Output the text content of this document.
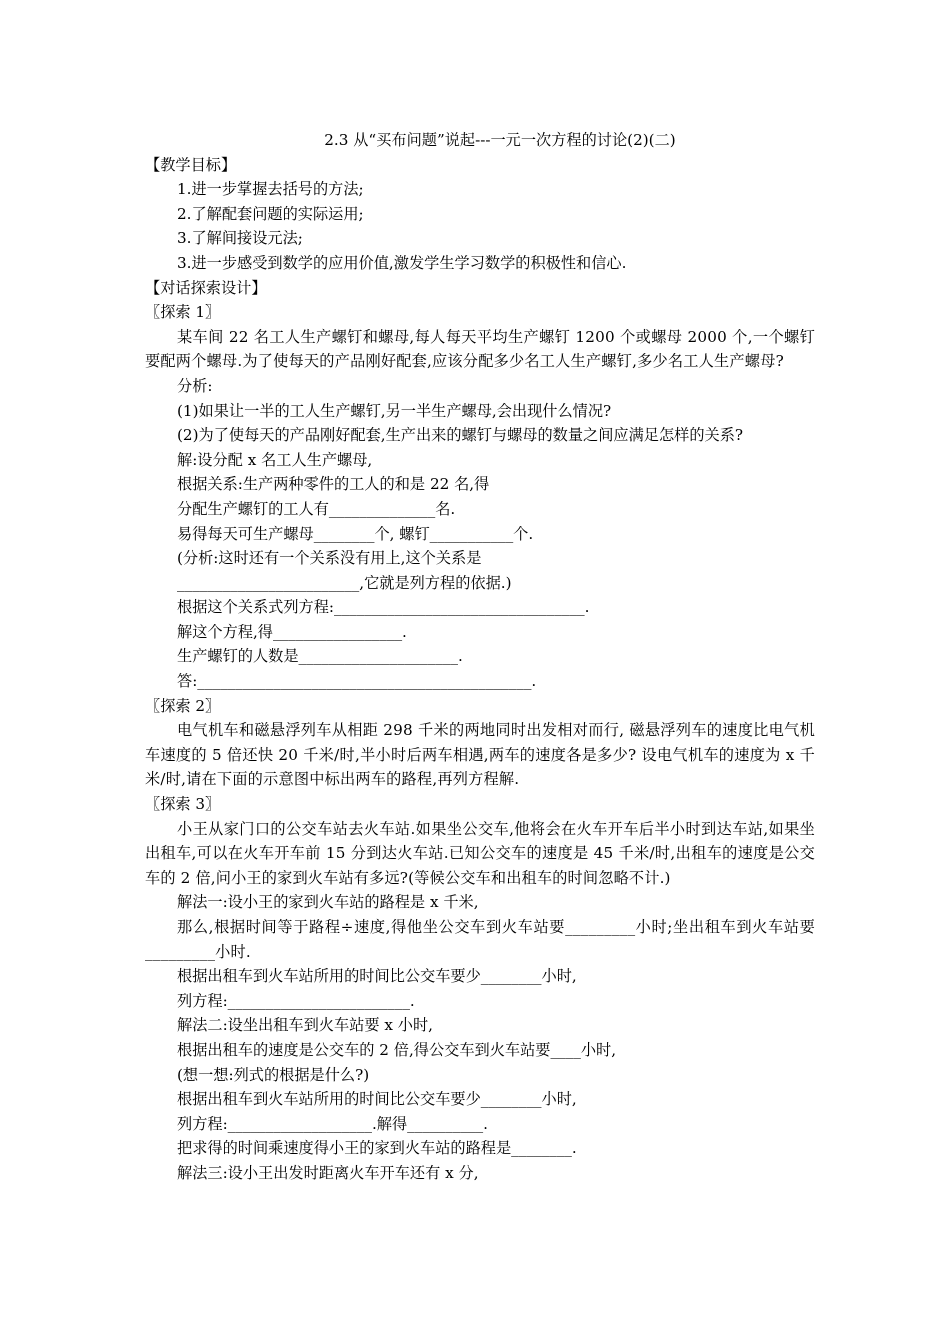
2.3 从“买布问题”说起---一元一次方程的讨论(2)(二)
【教学目标】
1.进一步掌握去括号的方法;
2.了解配套问题的实际运用;
3.了解间接设元法;
3.进一步感受到数学的应用价值,激发学生学习数学的积极性和信心.
【对话探索设计】
〖探索 1〗
某车间 22 名工人生产螺钉和螺母,每人每天平均生产螺钉 1200 个或螺母 2000 个,一个螺钉要配两个螺母.为了使每天的产品刚好配套,应该分配多少名工人生产螺钉,多少名工人生产螺母?
分析:
(1)如果让一半的工人生产螺钉,另一半生产螺母,会出现什么情况?
(2)为了使每天的产品刚好配套,生产出来的螺钉与螺母的数量之间应满足怎样的关系?
解:设分配 x 名工人生产螺母,
根据关系:生产两种零件的工人的和是 22 名,得
分配生产螺钉的工人有______________名.
易得每天可生产螺母________个, 螺钉___________个.
(分析:这时还有一个关系没有用上,这个关系是
________________________,它就是列方程的依据.)
根据这个关系式列方程:_________________________________.
解这个方程,得_________________.
生产螺钉的人数是_____________________.
答:____________________________________________.
〖探索 2〗
电气机车和磁悬浮列车从相距 298 千米的两地同时出发相对而行, 磁悬浮列车的速度比电气机车速度的 5 倍还快 20 千米/时,半小时后两车相遇,两车的速度各是多少? 设电气机车的速度为 x 千米/时,请在下面的示意图中标出两车的路程,再列方程解.
〖探索 3〗
小王从家门口的公交车站去火车站.如果坐公交车,他将会在火车开车后半小时到达车站,如果坐出租车,可以在火车开车前 15 分到达火车站.已知公交车的速度是 45 千米/时,出租车的速度是公交车的 2 倍,问小王的家到火车站有多远?(等候公交车和出租车的时间忽略不计.)
解法一:设小王的家到火车站的路程是 x 千米,
那么,根据时间等于路程÷速度,得他坐公交车到火车站要_________小时;坐出租车到火车站要_________小时.
根据出租车到火车站所用的时间比公交车要少________小时,
列方程:________________________.
解法二:设坐出租车到火车站要 x 小时,
根据出租车的速度是公交车的 2 倍,得公交车到火车站要____小时,
(想一想:列式的根据是什么?)
根据出租车到火车站所用的时间比公交车要少________小时,
列方程:___________________.解得__________.
把求得的时间乘速度得小王的家到火车站的路程是________.
解法三:设小王出发时距离火车开车还有 x 分,
